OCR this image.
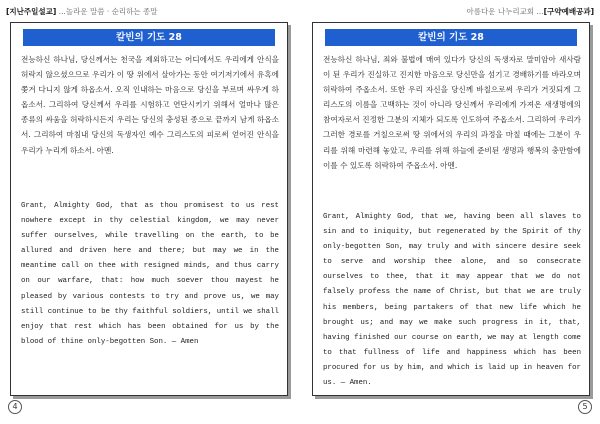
[지난주일설교] ...놀라운 말씀 · 순리하는 종말
칼빈의 기도 28
전능하신 하나님, 당신께서는 천국을 제외하고는 어디에서도 우리에게 안식을 허락지 않으셨으므로 우리가 이 땅 위에서 살아가는 동안 여기저기에서 유혹에 쫓겨 다니지 않게 하옵소서. 오직 인내하는 마음으로 당신을 부르며 싸우게 하옵소서. 그리하여 당신께서 우리를 시험하고 연단시키기 위해서 얼마나 많은 종류의 싸움을 허락하시든지 우리는 당신의 충성된 종으로 끝까지 남게 하옵소서. 그리하여 마침내 당신의 독생자인 예수 그리스도의 피로써 얻어진 안식을 우리가 누리게 하소서. 아멘.
Grant, Almighty God, that as thou promisest to us rest nowhere except in thy celestial kingdom, we may never suffer ourselves, while travelling on the earth, to be allured and driven here and there; but may we in the meantime call on thee with resigned minds, and thus carry on our warfare, that: how much soever thou mayest he pleased by various contests to try and prove us, we may still continue to be thy faithful soldiers, until we shall enjoy that rest which has been obtained for us by the blood of thine only-begotten Son. — Amen
4
아름다운 나누리교회 ...[구약예배공과]
칼빈의 기도 28
전능하신 하나님, 죄와 불법에 매여 있다가 당신의 독생자로 말미암아 새사람이 된 우리가 진실하고 진지한 마음으로 당신만을 섬기고 경배하기를 바라오며 허락하여 주옵소서. 또한 우리 자신을 당신께 바칠으로써 우리가 거짓되게 그리스도의 이름을 고백하는 것이 아니라 당신께서 우리에게 가져온 새생명에의 참여자로서 진정한 그분의 지체가 되도록 인도하여 주옵소서. 그리하여 우리가 그러한 경로를 거칠으로써 땅 위에서의 우리의 과정을 마칠 때에는 그분이 우리를 위해 마련해 놓았고, 우리를 위해 하늘에 준비된 생명과 행복의 충만함에 이를 수 있도록 허락하여 주옵소서. 아멘.
Grant, Almighty God, that we, having been all slaves to sin and to iniquity, but regenerated by the Spirit of thy only-begotten Son, may truly and with sincere desire seek to serve and worship thee alone, and so consecrate ourselves to thee, that it may appear that we do not falsely profess the name of Christ, but that we are truly his members, being partakers of that new life which he brought us; and may we make such progress in it, that, having finished our course on earth, we may at length come to that fullness of life and happiness which has been procured for us by him, and which is laid up in heaven for us. — Amen.
5
